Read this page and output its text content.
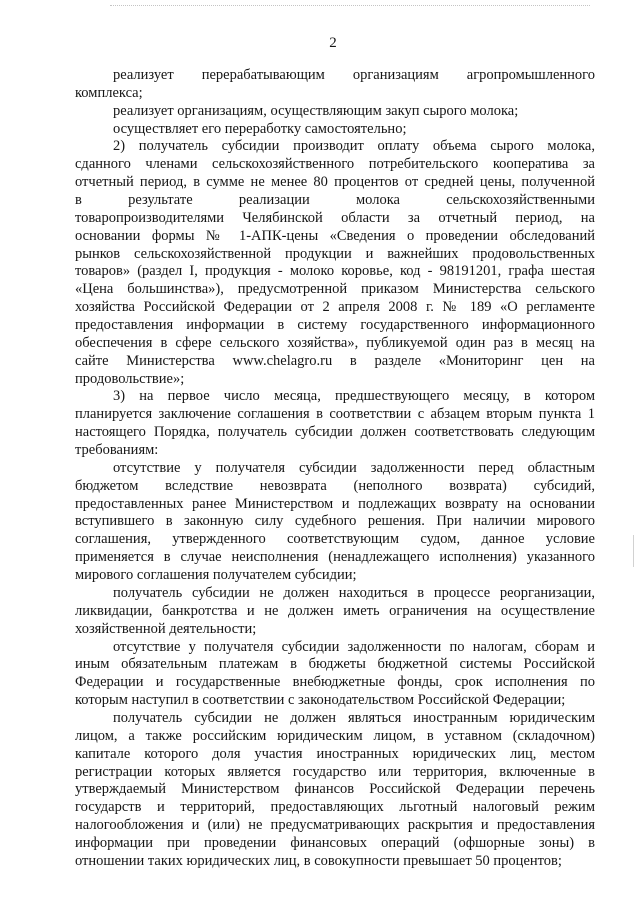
2
реализует перерабатывающим организациям агропромышленного
комплекса;
реализует организациям, осуществляющим закуп сырого молока;
осуществляет его переработку самостоятельно;
2) получатель субсидии производит оплату объема сырого молока,
сданного членами сельскохозяйственного потребительского кооператива за
отчетный период, в сумме не менее 80 процентов от средней цены, полученной
в результате реализации молока сельскохозяйственными
товаропроизводителями Челябинской области за отчетный период, на
основании формы № 1-АПК-цены «Сведения о проведении обследований
рынков сельскохозяйственной продукции и важнейших продовольственных
товаров» (раздел I, продукция - молоко коровье, код - 98191201, графа шестая
«Цена большинства»), предусмотренной приказом Министерства сельского
хозяйства Российской Федерации от 2 апреля 2008 г. № 189 «О регламенте
предоставления информации в систему государственного информационного
обеспечения в сфере сельского хозяйства», публикуемой один раз в месяц на
сайте Министерства www.chelagro.ru в разделе «Мониторинг цен на
продовольствие»;
3) на первое число месяца, предшествующего месяцу, в котором
планируется заключение соглашения в соответствии с абзацем вторым пункта 1
настоящего Порядка, получатель субсидии должен соответствовать следующим
требованиям:
отсутствие у получателя субсидии задолженности перед областным
бюджетом вследствие невозврата (неполного возврата) субсидий,
предоставленных ранее Министерством и подлежащих возврату на основании
вступившего в законную силу судебного решения. При наличии мирового
соглашения, утвержденного соответствующим судом, данное условие
применяется в случае неисполнения (ненадлежащего исполнения) указанного
мирового соглашения получателем субсидии;
получатель субсидии не должен находиться в процессе реорганизации,
ликвидации, банкротства и не должен иметь ограничения на осуществление
хозяйственной деятельности;
отсутствие у получателя субсидии задолженности по налогам, сборам и
иным обязательным платежам в бюджеты бюджетной системы Российской
Федерации и государственные внебюджетные фонды, срок исполнения по
которым наступил в соответствии с законодательством Российской Федерации;
получатель субсидии не должен являться иностранным юридическим
лицом, а также российским юридическим лицом, в уставном (складочном)
капитале которого доля участия иностранных юридических лиц, местом
регистрации которых является государство или территория, включенные в
утверждаемый Министерством финансов Российской Федерации перечень
государств и территорий, предоставляющих льготный налоговый режим
налогообложения и (или) не предусматривающих раскрытия и предоставления
информации при проведении финансовых операций (офшорные зоны) в
отношении таких юридических лиц, в совокупности превышает 50 процентов;
